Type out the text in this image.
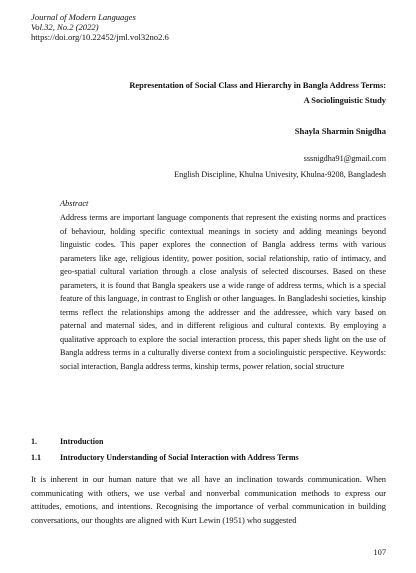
Journal of Modern Languages
Vol.32, No.2 (2022)
https://doi.org/10.22452/jml.vol32no2.6
Representation of Social Class and Hierarchy in Bangla Address Terms:
A Sociolinguistic Study
Shayla Sharmin Snigdha
sssnigdha91@gmail.com
English Discipline, Khulna Univesity, Khulna-9208, Bangladesh
Abstract
Address terms are important language components that represent the existing norms and practices of behaviour, holding specific contextual meanings in society and adding meanings beyond linguistic codes. This paper explores the connection of Bangla address terms with various parameters like age, religious identity, power position, social relationship, ratio of intimacy, and geo-spatial cultural variation through a close analysis of selected discourses. Based on these parameters, it is found that Bangla speakers use a wide range of address terms, which is a special feature of this language, in contrast to English or other languages. In Bangladeshi societies, kinship terms reflect the relationships among the addresser and the addressee, which vary based on paternal and maternal sides, and in different religious and cultural contexts. By employing a qualitative approach to explore the social interaction process, this paper sheds light on the use of Bangla address terms in a culturally diverse context from a sociolinguistic perspective. Keywords: social interaction, Bangla address terms, kinship terms, power relation, social structure
1.	Introduction
1.1 Introductory Understanding of Social Interaction with Address Terms
It is inherent in our human nature that we all have an inclination towards communication. When communicating with others, we use verbal and nonverbal communication methods to express our attitudes, emotions, and intentions. Recognising the importance of verbal communication in building conversations, our thoughts are aligned with Kurt Lewin (1951) who suggested
107
